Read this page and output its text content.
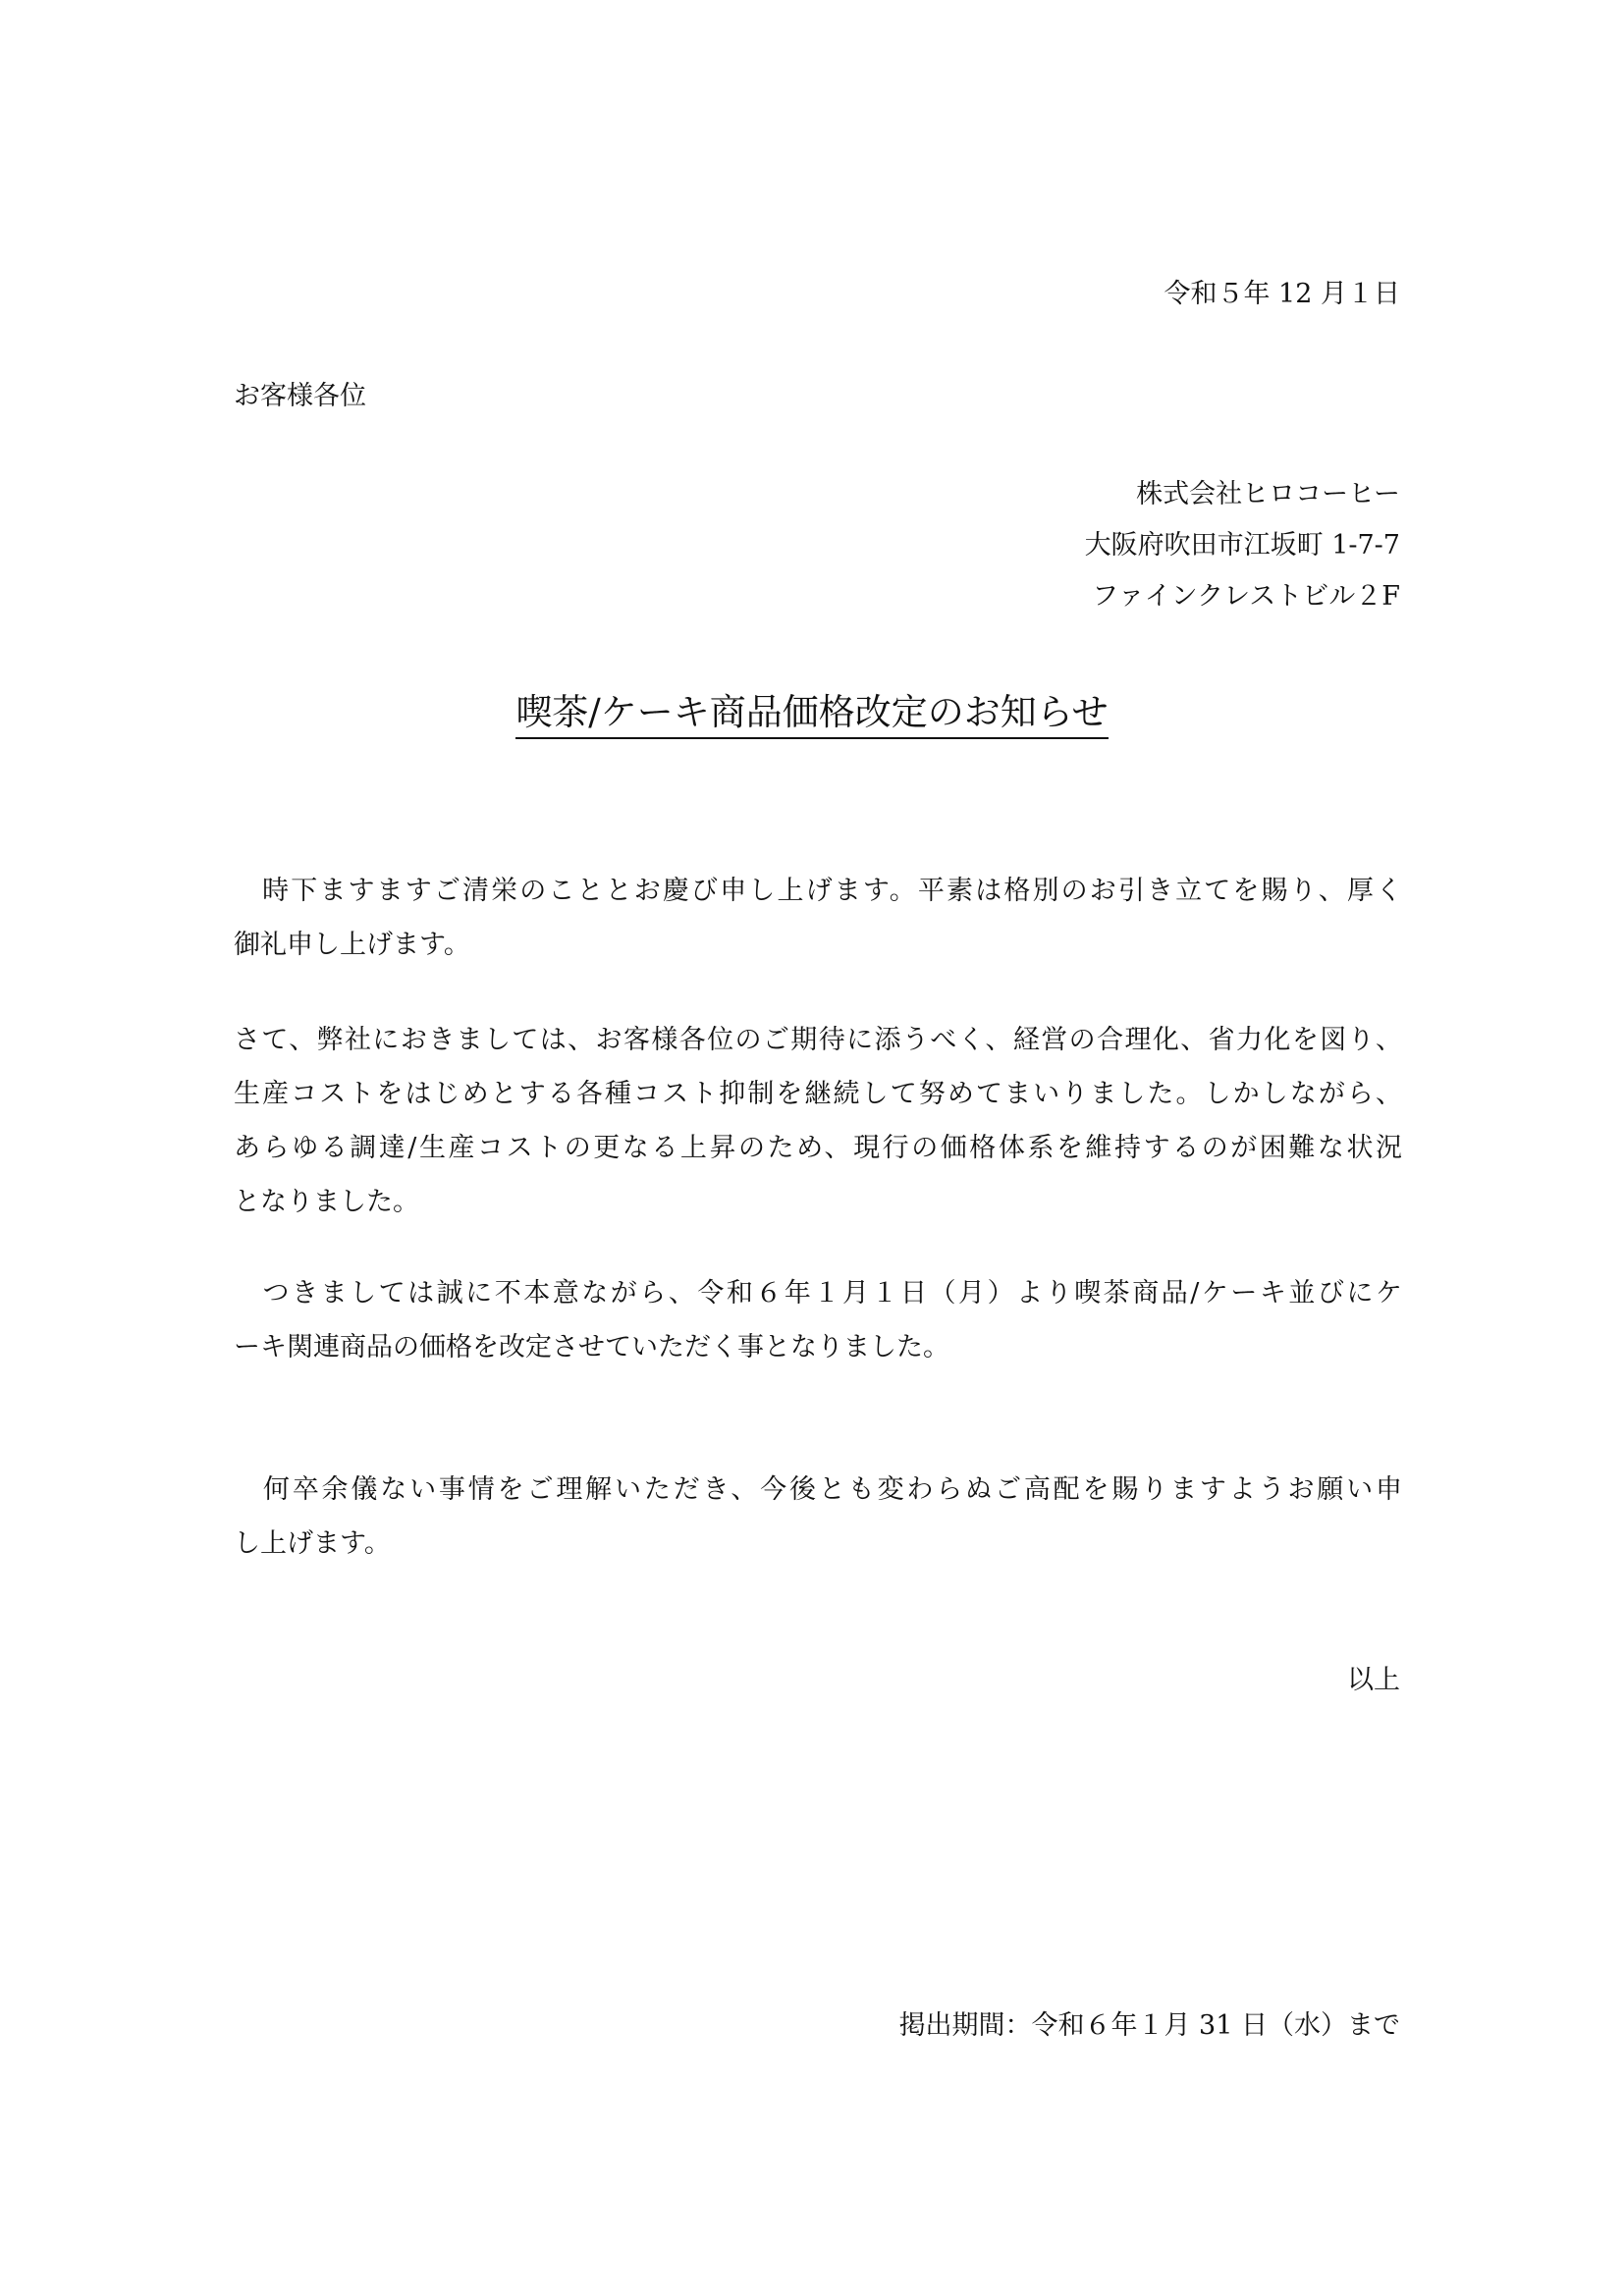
令和５年 12 月１日
お客様各位
株式会社ヒロコーヒー
大阪府吹田市江坂町 1-7-7
ファインクレストビル２F
喫茶/ケーキ商品価格改定のお知らせ
　時下ますますご清栄のこととお慶び申し上げます。平素は格別のお引き立てを賜り、厚く
御礼申し上げます。
さて、弊社におきましては、お客様各位のご期待に添うべく、経営の合理化、省力化を図り、
生産コストをはじめとする各種コスト抑制を継続して努めてまいりました。しかしながら、
あらゆる調達/生産コストの更なる上昇のため、現行の価格体系を維持するのが困難な状況
となりました。
　つきましては誠に不本意ながら、令和６年１月１日（月）より喫茶商品/ケーキ並びにケ
ーキ関連商品の価格を改定させていただく事となりました。
　何卒余儀ない事情をご理解いただき、今後とも変わらぬご高配を賜りますようお願い申
し上げます。
以上
掲出期間：令和６年１月 31 日（水）まで
